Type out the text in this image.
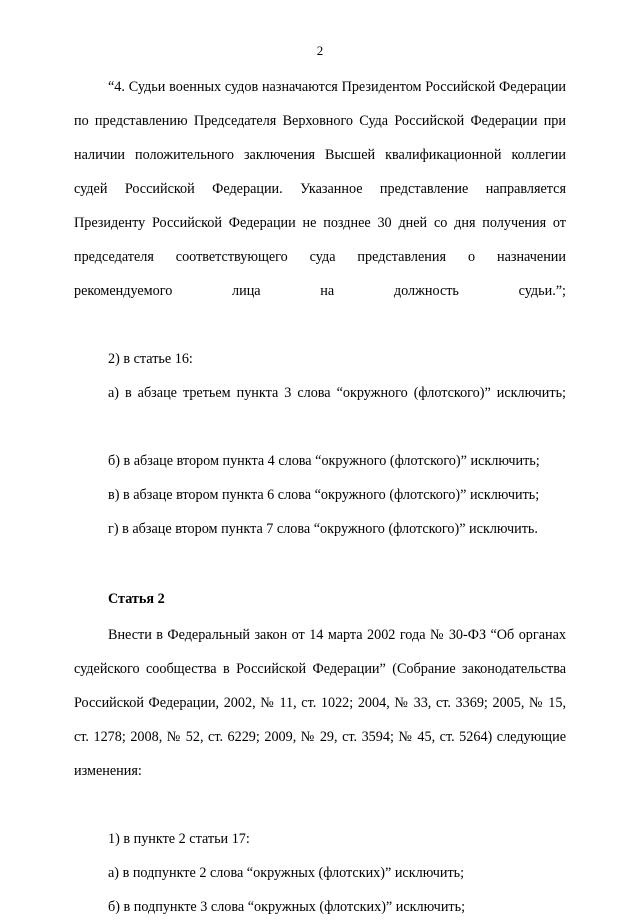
2

“4. Судьи военных судов назначаются Президентом Российской Федерации по представлению Председателя Верховного Суда Российской Федерации при наличии положительного заключения Высшей квалификационной коллегии судей Российской Федерации. Указанное представление направляется Президенту Российской Федерации не позднее 30 дней со дня получения от председателя соответствующего суда представления о назначении рекомендуемого лица на должность судьи.”;

2) в статье 16:

а) в абзаце третьем пункта 3 слова “окружного (флотского)” исключить;

б) в абзаце втором пункта 4 слова “окружного (флотского)” исключить;

в) в абзаце втором пункта 6 слова “окружного (флотского)” исключить;

г) в абзаце втором пункта 7 слова “окружного (флотского)” исключить.

Статья 2

Внести в Федеральный закон от 14 марта 2002 года № 30-ФЗ “Об органах судейского сообщества в Российской Федерации” (Собрание законодательства Российской Федерации, 2002, № 11, ст. 1022; 2004, № 33, ст. 3369; 2005, № 15, ст. 1278; 2008, № 52, ст. 6229; 2009, № 29, ст. 3594; № 45, ст. 5264) следующие изменения:

1) в пункте 2 статьи 17:

а) в подпункте 2 слова “окружных (флотских)” исключить;

б) в подпункте 3 слова “окружных (флотских)” исключить;
